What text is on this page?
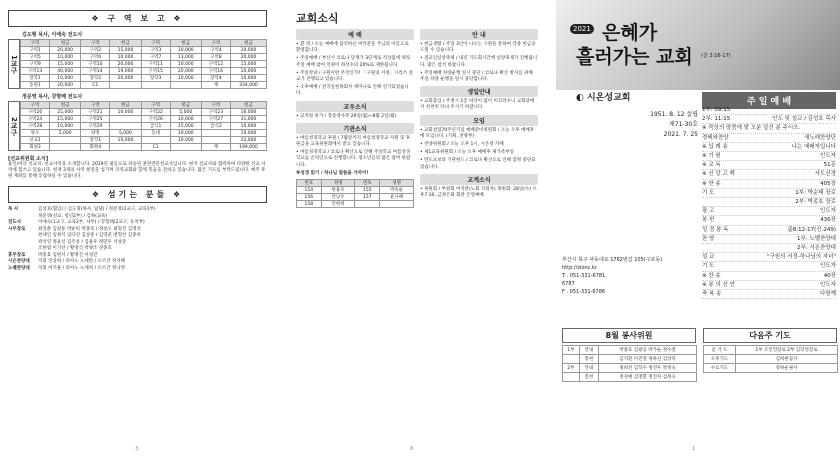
❖ 구 역 보 고 ❖
김도형 목사, 이애숙 전도사
1교구
구역	헌금	구역	헌금	구역	헌금	구역	헌금
구역1	20,000	구역2	15,000	구역3	10,000	구역4	10,000
구역5	10,000	구역6	10,000	구역7	13,000	구역8	20,000
구역9	15,000	구역10	20,000	구역11	10,000	구역12	15,000
구역13	40,000	구역14	19,000	구역15	20,000	구역16	10,000
장학1	10,000	장학2	20,000	장학3	10,000	장학4	10,000
동원1	20,000	C1				계	334,000
정문영 목사, 강향례 전도사
2교구
구역	헌금	구역	헌금	구역	헌금	구역	헌금
구역20	25,000	구역21	10,000	구역22	5,000	구역23	16,000
구역24	15,000	구역25		구역26	10,000	구역27	31,000
구역28	10,000	구역29		급식1	15,000	급식2	10,000
양오	5,000	양정	5,000	동대	10,000		10,000
선교1		장학1	10,000		10,000		12,000
회원3		회원4		C1		계	199,000
[선교위원회 소식]
용인/아산 선교지: 선교사역을 소개합니다. 2019년 필름으로 파송된 훈련전문선교사입니다. 현지 선교사와 협력하여 다양한 선교 사역에 힘쓰고 있습니다. 현재 3개의 사역 현장을 섬기며 지역교회와 함께 복음을 전하고 있습니다. 많은 기도를 부탁드립니다. 매주 후원 계좌를 통해 동참하실 수 있습니다.
❖ 섬기는 분들 ❖
목 사	김성호(협임) / 김도형(목사, 담당) / 정문영(2교구, 교육1부)
정문영(선교, 청년2부) / 김하(교육)
전도사	이애숙(1교구, 교육2부, 사무) / 강향례(2교구, 유치부)
시무장로	최연춘 김창용 박순비 박종호 / 정창오 최형진 김영석
천세인 임원석 임다연 김상훈 / 김영준 방형찬 김종옥
곽석연 정윤선 김주옥 / 김용우 정민우 서상준
조한범 이기선 / 황영식 박양조 전종호
휴무장로	박충효 임원석 / 황명진 이경진
시온찬양대	지휘 연상희 / 피아노 노세란 / 오르간 정지혜
노벨찬양대	지휘 여지용 / 피아노 노세희 / 오르간 정나영
3
교회소식
예 배
• 환 영 / 오늘 예배에 참석하신 여러분을 주님의 이름으로 환영합니다.
• 주일예배 / 부산시 코로나 단계가 3단계로 격상됨에 따라 주일 예배 참여 인원이 좌석수의 20%로 제한됩니다.
• 주일찬양 / 구원이란 무엇인가? 「구원의 서정」시리즈 설교가 진행되고 있습니다.
• 오후예배 / 전국실천목회자 세미나로 인해 연기되었습니다.
교우소식
• 교적원 휴가 / 장준영사무 26일(월)~8월 2일(월)
기관소식
• 여름성경학교 후원 / 7월말까지 여름성경학교 지원 및 후원금을 교육위원회에서 받고 있습니다.
• 여름성경학교 / 코로나 확산으로 인해 주일학교 여름성경학교를 온라인으로 진행합니다. 청소년들의 많은 참여 바랍니다.
※성경 읽기 / 하나님 말씀을 가까이!
번호	성명	번호	성명
154	한용호	155	박옥순
156	안남수	157	윤나혜
158	안현희		
안 내
• 헌금생활 / 주일 3인이 나오는 구원을 통하여 각종 헌금을 드릴 수 있습니다.
• 전교인신앙축제 / 내년 기도회시간에 신앙축제가 진행됩니다. 많은 참석 바랍니다.
• 주일예배 차량운행 일시 중단 / 코로나 확산 방지를 위해 주일 차량 운행을 일시 중단합니다.
생일안내
• 교회출입 / 주정시 1층 바닥이 많이 미끄러우니 교회당에서 천천히 다녀 주시기 바랍니다.
모임
• 교회설립70주년기념 예배준비위원회 / 오늘 오후 예배후에 모입니다. (기획, 찬양부)
• 찬양위원회 / 오늘 오후 1시, 시온성 카페
• 제1교육위원회 / 오늘 오후 예배후 새가족부실
• 반도프보라 기관헌드 / 코로나 확산으로 인해 잠정 중단되었습니다.
교계소식
• 목원회 / 부원회 여자분(노회 지휘자) 목원회: 28일(수) 오후7:30, 금정은화 회관 온형예배.
8
2021 은혜가
흘러가는 교회 (골 3:16-17)
◐ 시온성교회	주 일 예 배
1951. 8. 12 설립
제71-30호
2021. 7. 25
1부: 09:15
2부: 11:15	인도 및 설교 / 김성호 목사
※ 묵상의 말씀에 맞 오분 앞선 분 주시오.
경배와찬양	새노래찬양단
※ 입 례 송	나는 예배자입니다
※ 기 원	인도자
※ 교 독	51문
※ 신 앙 고 백	사도신경
※ 찬 송	405장
기 도	1부: 박순태 장로
2부: 박종호 장로
광 고	인도자
봉 헌	436장
성 경 봉 독	롬8:12-17(신.249)
찬 양	1부: 노벨찬양대
2부: 시온찬양대
설 교	"구원의 서정-하나님의 자녀"
기 도	인도자
※ 찬 송	40장
※ 봉 의 선 언	인도자
축 복 송	다함께
부산시 북구 낙동대로 1762번길 105(구포동)
http://zionc.kr
T . 051-331-6781
6787
F . 051-331-6786
8월 봉사위원
1부	안내	박종호 김광웅 박가순 정수결
	봉헌	김지환 이진철 정하선 김상덕
2부	안내	정희선 김학수 정연우 박정숙
	봉헌	정경예 김명환 정진자 김정숙
다음주 기도
낮 기 도	1부 조인민장로 2부 김학연장로
오후기도	김희현집사
수요기도	강하순권사
1
